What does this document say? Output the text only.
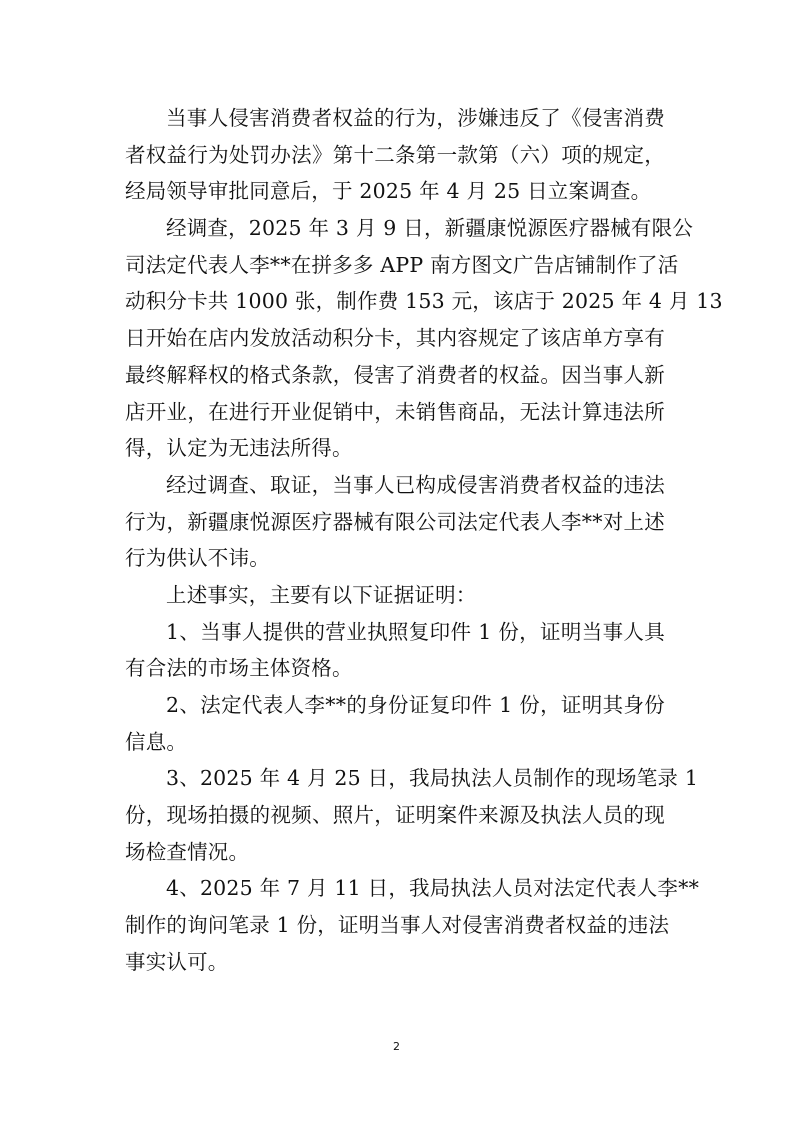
当事人侵害消费者权益的行为，涉嫌违反了《侵害消费
者权益行为处罚办法》第十二条第一款第（六）项的规定，
经局领导审批同意后，于 2025 年 4 月 25 日立案调查。
经调查，2025 年 3 月 9 日，新疆康悦源医疗器械有限公
司法定代表人李**在拼多多 APP 南方图文广告店铺制作了活
动积分卡共 1000 张，制作费 153 元，该店于 2025 年 4 月 13
日开始在店内发放活动积分卡，其内容规定了该店单方享有
最终解释权的格式条款，侵害了消费者的权益。因当事人新
店开业，在进行开业促销中，未销售商品，无法计算违法所
得，认定为无违法所得。
经过调查、取证，当事人已构成侵害消费者权益的违法
行为，新疆康悦源医疗器械有限公司法定代表人李**对上述
行为供认不讳。
上述事实，主要有以下证据证明：
1、当事人提供的营业执照复印件 1 份，证明当事人具
有合法的市场主体资格。
2、法定代表人李**的身份证复印件 1 份，证明其身份
信息。
3、2025 年 4 月 25 日，我局执法人员制作的现场笔录 1
份，现场拍摄的视频、照片，证明案件来源及执法人员的现
场检查情况。
4、2025 年 7 月 11 日，我局执法人员对法定代表人李**
制作的询问笔录 1 份，证明当事人对侵害消费者权益的违法
事实认可。
2
